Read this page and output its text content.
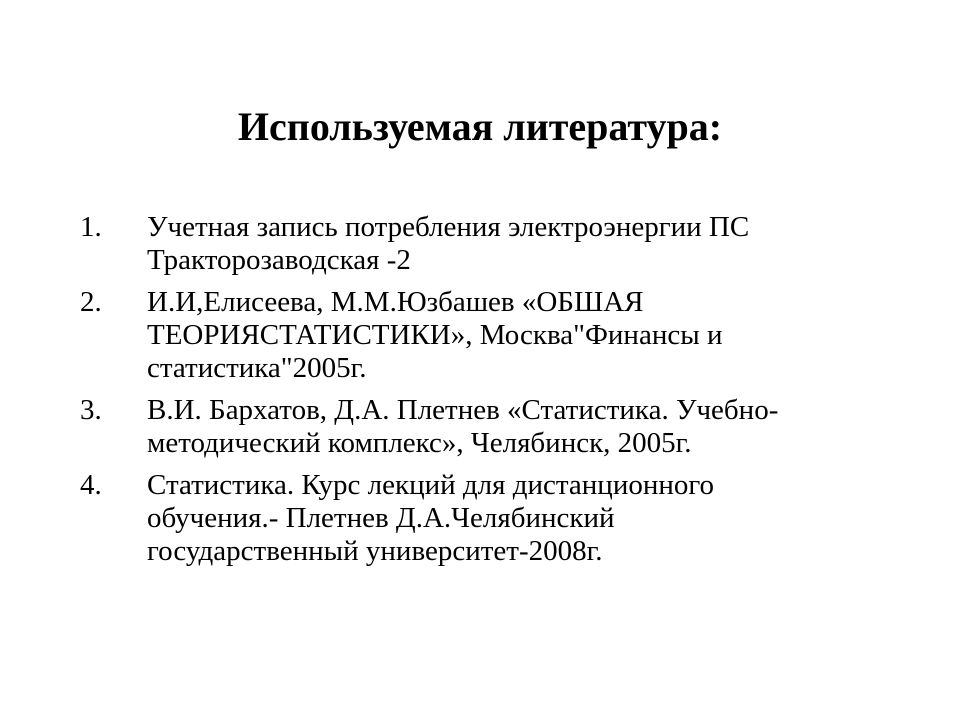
Используемая литература:
1. Учетная запись потребления электроэнергии ПС
Тракторозаводская -2
2. И.И,Елисеева, М.М.Юзбашев «ОБШАЯ
ТЕОРИЯСТАТИСТИКИ», Москва"Финансы и
статистика"2005г.
3. В.И. Бархатов, Д.А. Плетнев «Статистика. Учебно-
методический комплекс», Челябинск, 2005г.
4. Статистика. Курс лекций для дистанционного
обучения.- Плетнев Д.А.Челябинский
государственный университет-2008г.
